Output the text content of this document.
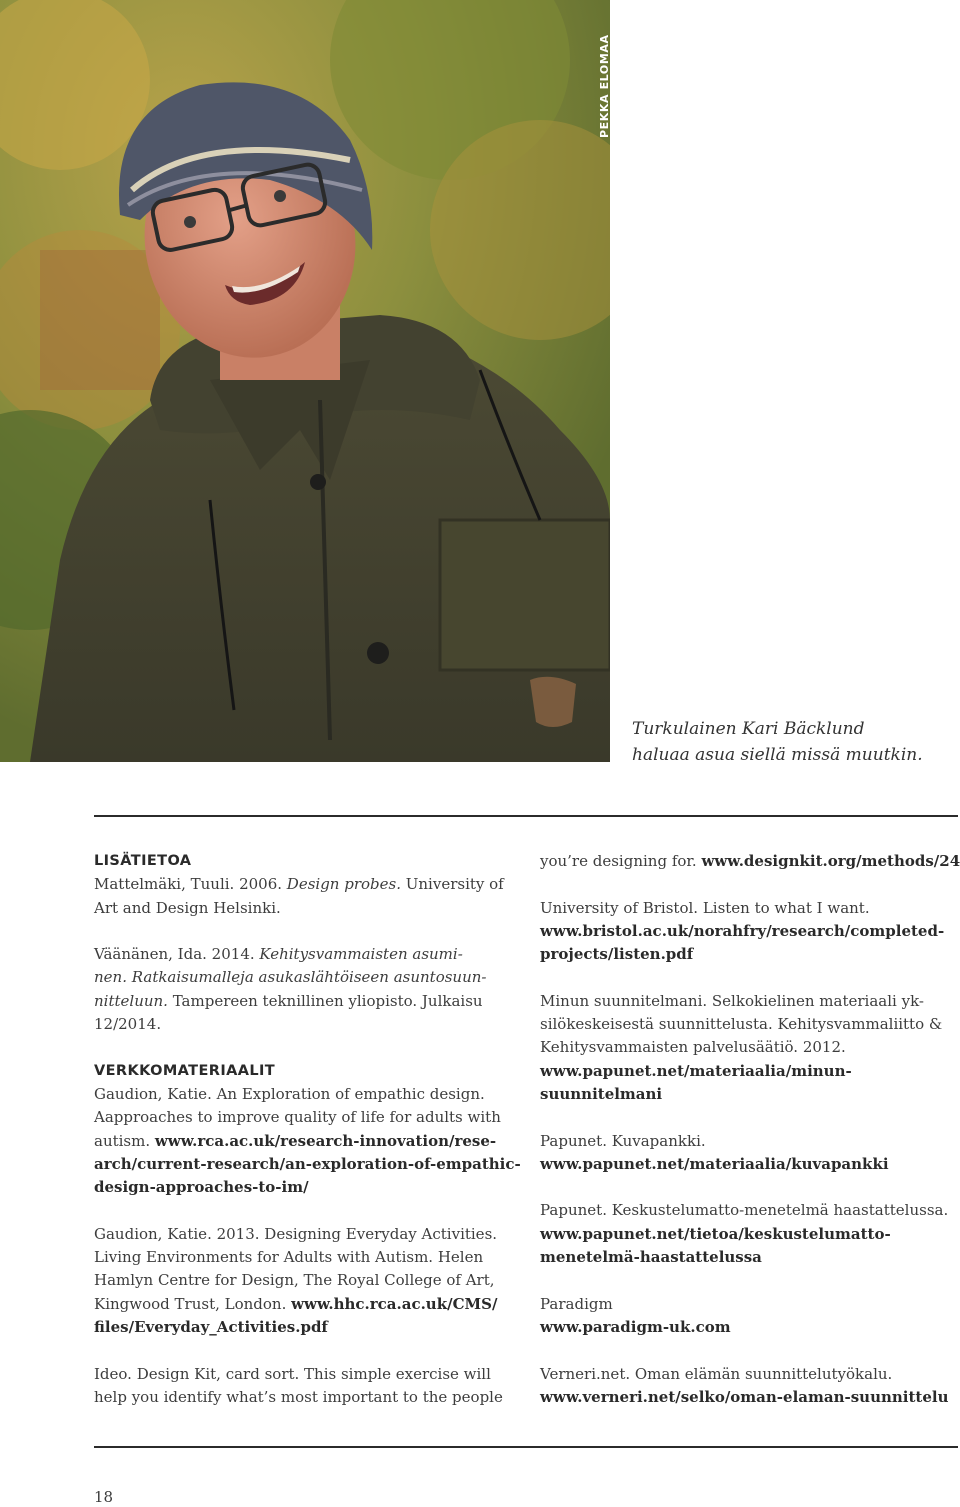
PEKKA ELOMAA
Turkulainen Kari Bäcklund
haluaa asua siellä missä muutkin.
LISÄTIETOA
Mattelmäki, Tuuli. 2006. Design probes. University of
Art and Design Helsinki.
Väänänen, Ida. 2014. Kehitysvammaisten asumi-
nen. Ratkaisumalleja asukaslähtöiseen asuntosuun-
nitteluun. Tampereen teknillinen yliopisto. Julkaisu
12/2014.
VERKKOMATERIAALIT
Gaudion, Katie. An Exploration of empathic design.
Aapproaches to improve quality of life for adults with
autism. www.rca.ac.uk/research-innovation/rese-
arch/current-research/an-exploration-of-empathic-
design-approaches-to-im/
Gaudion, Katie. 2013. Designing Everyday Activities.
Living Environments for Adults with Autism. Helen
Hamlyn Centre for Design, The Royal College of Art,
Kingwood Trust, London. www.hhc.rca.ac.uk/CMS/
files/Everyday_Activities.pdf
Ideo. Design Kit, card sort. This simple exercise will
help you identify what’s most important to the people
you’re designing for. www.designkit.org/methods/24
University of Bristol. Listen to what I want.
www.bristol.ac.uk/norahfry/research/completed-
projects/listen.pdf
Minun suunnitelmani. Selkokielinen materiaali yk-
silökeskeisestä suunnittelusta. Kehitysvammaliitto &
Kehitysvammaisten palvelusäätiö. 2012.
www.papunet.net/materiaalia/minun-
suunnitelmani
Papunet. Kuvapankki.
www.papunet.net/materiaalia/kuvapankki
Papunet. Keskustelumatto-menetelmä haastattelussa.
www.papunet.net/tietoa/keskustelumatto-
menetelmä-haastattelussa
Paradigm
www.paradigm-uk.com
Verneri.net. Oman elämän suunnittelutyökalu.
www.verneri.net/selko/oman-elaman-suunnittelu
18
